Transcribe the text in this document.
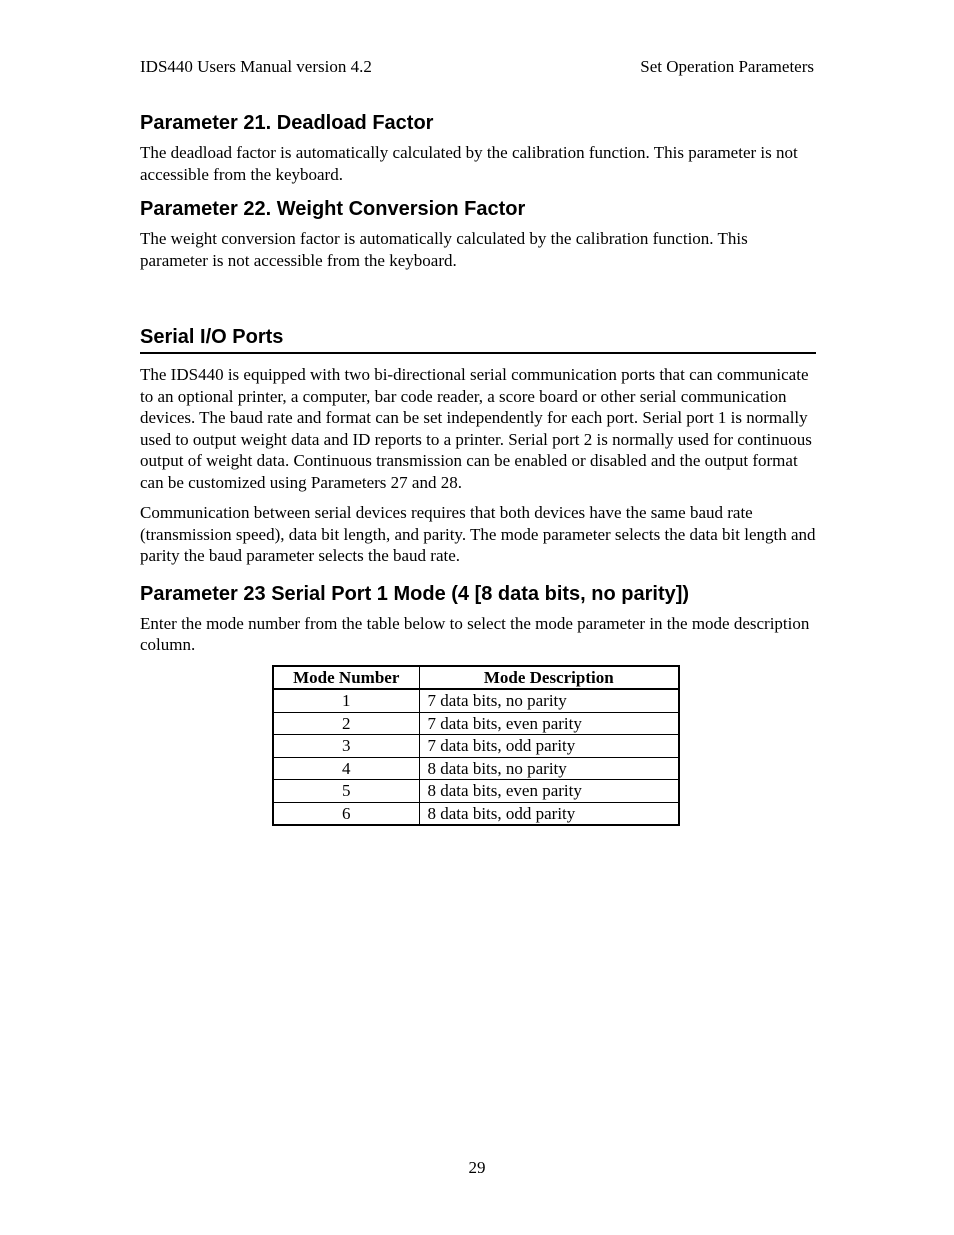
IDS440 Users Manual version 4.2	Set Operation Parameters
Parameter 21. Deadload Factor

The deadload factor is automatically calculated by the calibration function. This parameter is not accessible from the keyboard.

Parameter 22. Weight Conversion Factor

The weight conversion factor is automatically calculated by the calibration function. This parameter is not accessible from the keyboard.

Serial I/O Ports

The IDS440 is equipped with two bi-directional serial communication ports that can communicate to an optional printer, a computer, bar code reader, a score board or other serial communication devices. The baud rate and format can be set independently for each port. Serial port 1 is normally used to output weight data and ID reports to a printer. Serial port 2 is normally used for continuous output of weight data. Continuous transmission can be enabled or disabled and the output format can be customized using Parameters 27 and 28.

Communication between serial devices requires that both devices have the same baud rate (transmission speed), data bit length, and parity. The mode parameter selects the data bit length and parity the baud parameter selects the baud rate.

Parameter 23 Serial Port 1 Mode (4 [8 data bits, no parity])

Enter the mode number from the table below to select the mode parameter in the mode description column.

Mode Number	Mode Description
1	7 data bits, no parity
2	7 data bits, even parity
3	7 data bits, odd parity
4	8 data bits, no parity
5	8 data bits, even parity
6	8 data bits, odd parity
29
